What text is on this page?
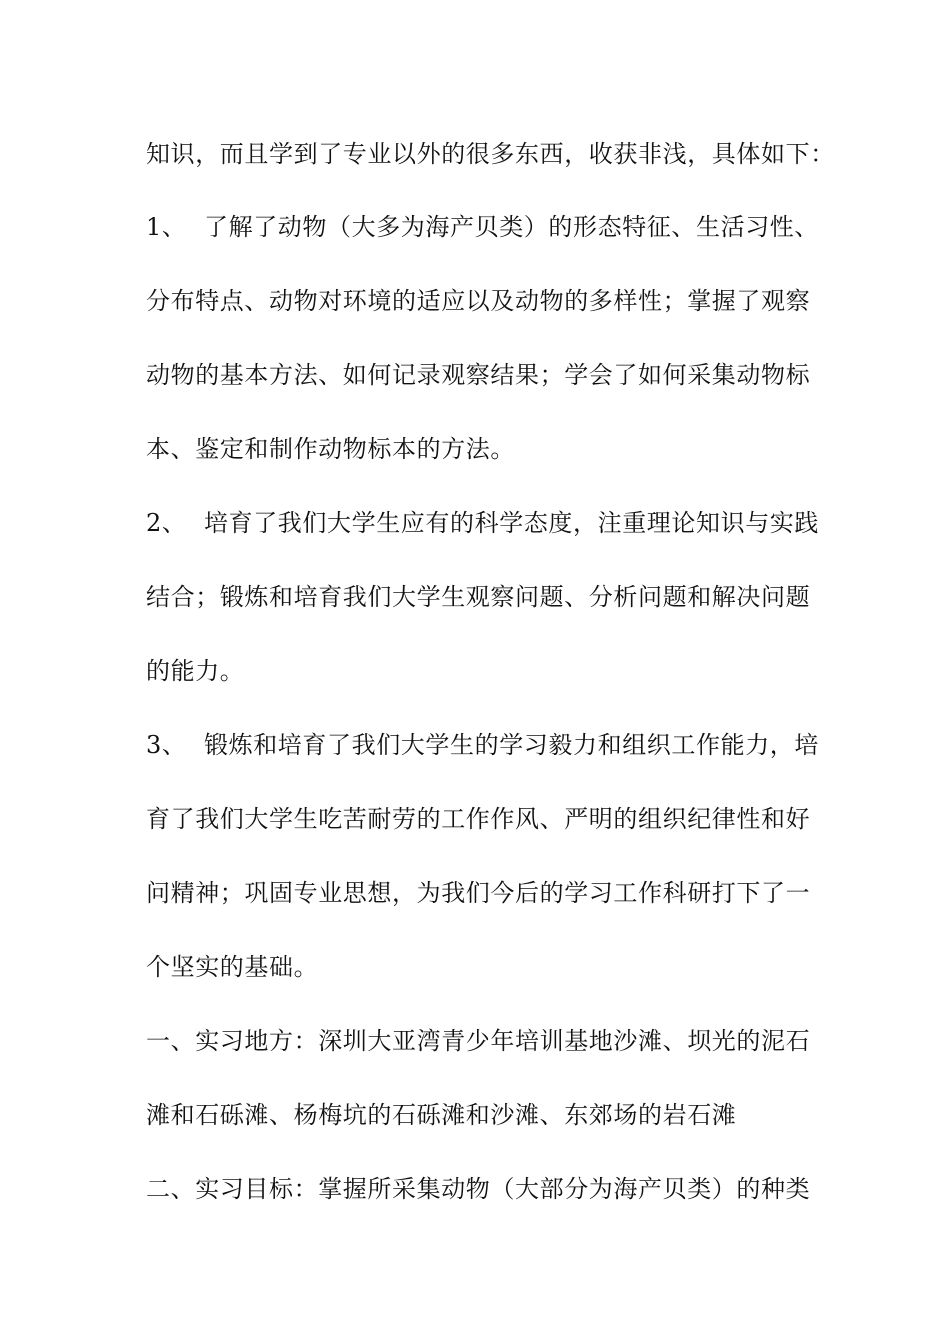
知识，而且学到了专业以外的很多东西，收获非浅，具体如下：
1、 了解了动物（大多为海产贝类）的形态特征、生活习性、
分布特点、动物对环境的适应以及动物的多样性；掌握了观察
动物的基本方法、如何记录观察结果；学会了如何采集动物标
本、鉴定和制作动物标本的方法。
2、 培育了我们大学生应有的科学态度，注重理论知识与实践
结合；锻炼和培育我们大学生观察问题、分析问题和解决问题
的能力。
3、 锻炼和培育了我们大学生的学习毅力和组织工作能力，培
育了我们大学生吃苦耐劳的工作作风、严明的组织纪律性和好
问精神；巩固专业思想，为我们今后的学习工作科研打下了一
个坚实的基础。
一、实习地方：深圳大亚湾青少年培训基地沙滩、坝光的泥石
滩和石砾滩、杨梅坑的石砾滩和沙滩、东郊场的岩石滩
二、实习目标：掌握所采集动物（大部分为海产贝类）的种类
